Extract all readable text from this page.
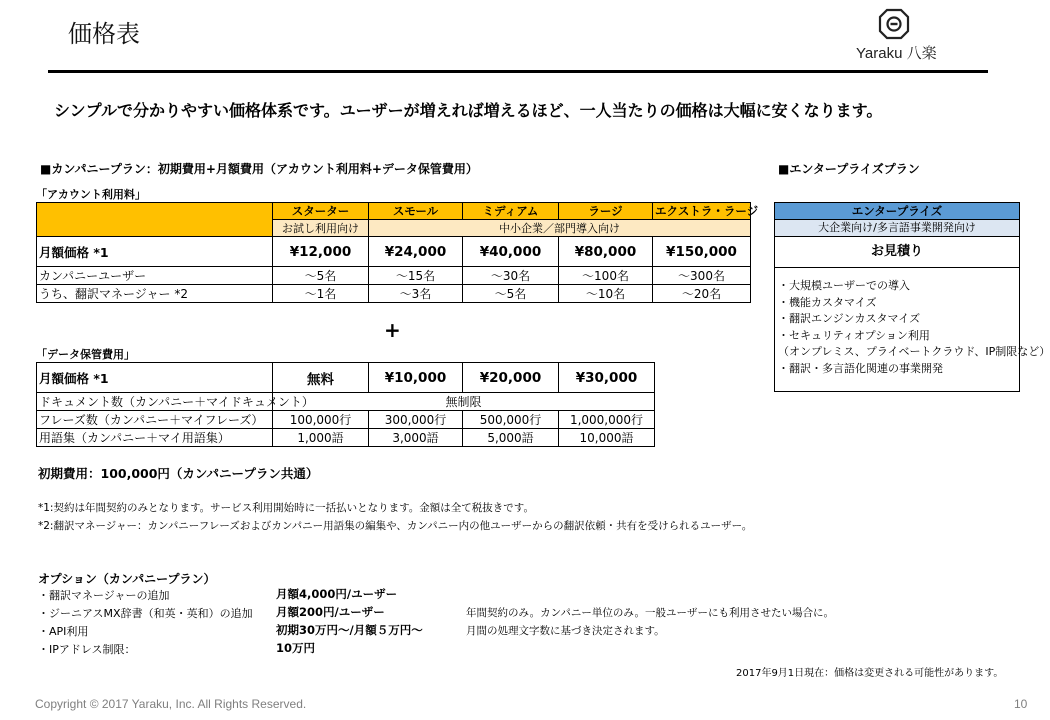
価格表
Yaraku 八楽
シンプルで分かりやすい価格体系です。ユーザーが増えれば増えるほど、一人当たりの価格は大幅に安くなります。
■カンパニープラン：初期費用+月額費用（アカウント利用料+データ保管費用）
「アカウント利用料」
	スターター	スモール	ミディアム	ラージ	エクストラ・ラージ
	お試し利用向け	中小企業／部門導入向け			
月額価格 *1	¥12,000	¥24,000	¥40,000	¥80,000	¥150,000
カンパニーユーザー	～5名	～15名	～30名	～100名	～300名
うち、翻訳マネージャー *2	～1名	～3名	～5名	～10名	～20名
+
「データ保管費用」
月額価格 *1	無料	¥10,000	¥20,000	¥30,000
ドキュメント数（カンパニー＋マイドキュメント）	無制限			
フレーズ数（カンパニー＋マイフレーズ）	100,000行	300,000行	500,000行	1,000,000行
用語集（カンパニー＋マイ用語集）	1,000語	3,000語	5,000語	10,000語
初期費用：100,000円（カンパニープラン共通）
*1:契約は年間契約のみとなります。サービス利用開始時に一括払いとなります。金額は全て税抜きです。
*2:翻訳マネージャー：カンパニーフレーズおよびカンパニー用語集の編集や、カンパニー内の他ユーザーからの翻訳依頼・共有を受けられるユーザー。
■エンタープライズプラン
エンタープライズ
大企業向け/多言語事業開発向け
お見積り
・大規模ユーザーでの導入
・機能カスタマイズ
・翻訳エンジンカスタマイズ
・セキュリティオプション利用
（オンプレミス、プライベートクラウド、IP制限など）
・翻訳・多言語化関連の事業開発
オプション（カンパニープラン）
・翻訳マネージャーの追加	月額4,000円/ユーザー
・ジーニアスMX辞書（和英・英和）の追加 月額200円/ユーザー	年間契約のみ。カンパニー単位のみ。一般ユーザーにも利用させたい場合に。
・API利用	初期30万円～/月額５万円～	月間の処理文字数に基づき決定されます。
・IPアドレス制限：	10万円
2017年9月1日現在：価格は変更される可能性があります。
Copyright © 2017 Yaraku, Inc. All Rights Reserved.	10
